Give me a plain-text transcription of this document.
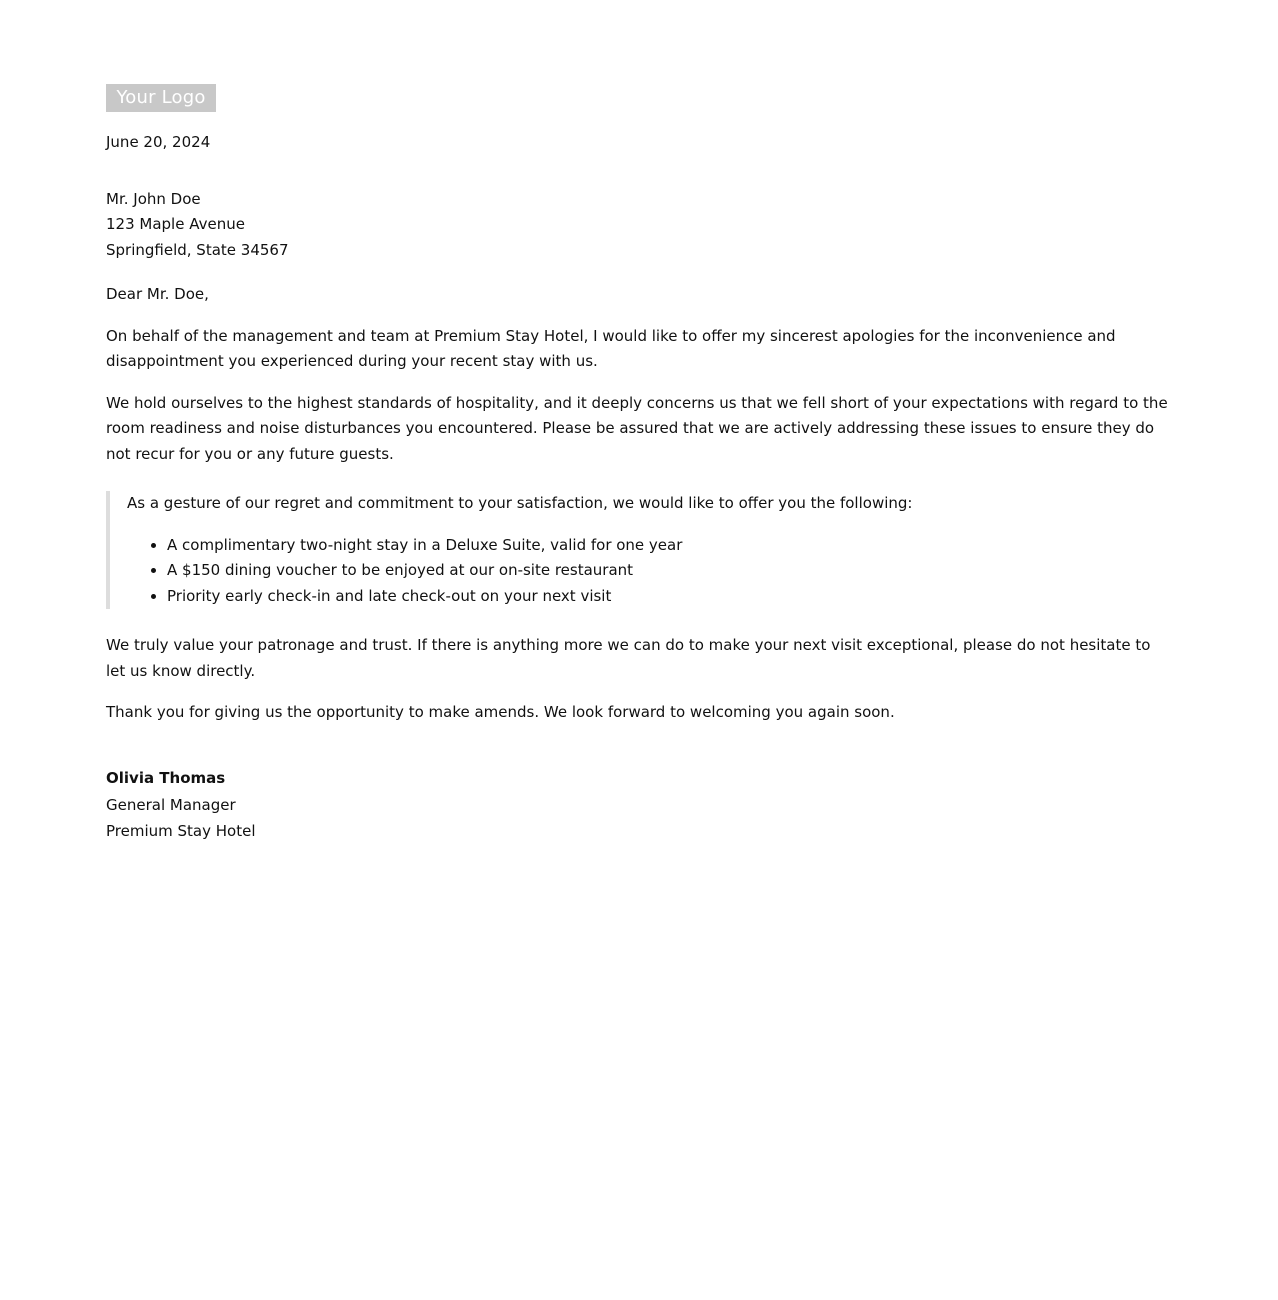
Your Logo
June 20, 2024
Mr. John Doe
123 Maple Avenue
Springfield, State 34567

Dear Mr. Doe,

On behalf of the management and team at Premium Stay Hotel, I would like to offer my sincerest apologies for the inconvenience and disappointment you experienced during your recent stay with us.

We hold ourselves to the highest standards of hospitality, and it deeply concerns us that we fell short of your expectations with regard to the room readiness and noise disturbances you encountered. Please be assured that we are actively addressing these issues to ensure they do not recur for you or any future guests.

As a gesture of our regret and commitment to your satisfaction, we would like to offer you the following:

• A complimentary two-night stay in a Deluxe Suite, valid for one year
• A $150 dining voucher to be enjoyed at our on-site restaurant
• Priority early check-in and late check-out on your next visit

We truly value your patronage and trust. If there is anything more we can do to make your next visit exceptional, please do not hesitate to let us know directly.

Thank you for giving us the opportunity to make amends. We look forward to welcoming you again soon.

Olivia Thomas
General Manager
Premium Stay Hotel
